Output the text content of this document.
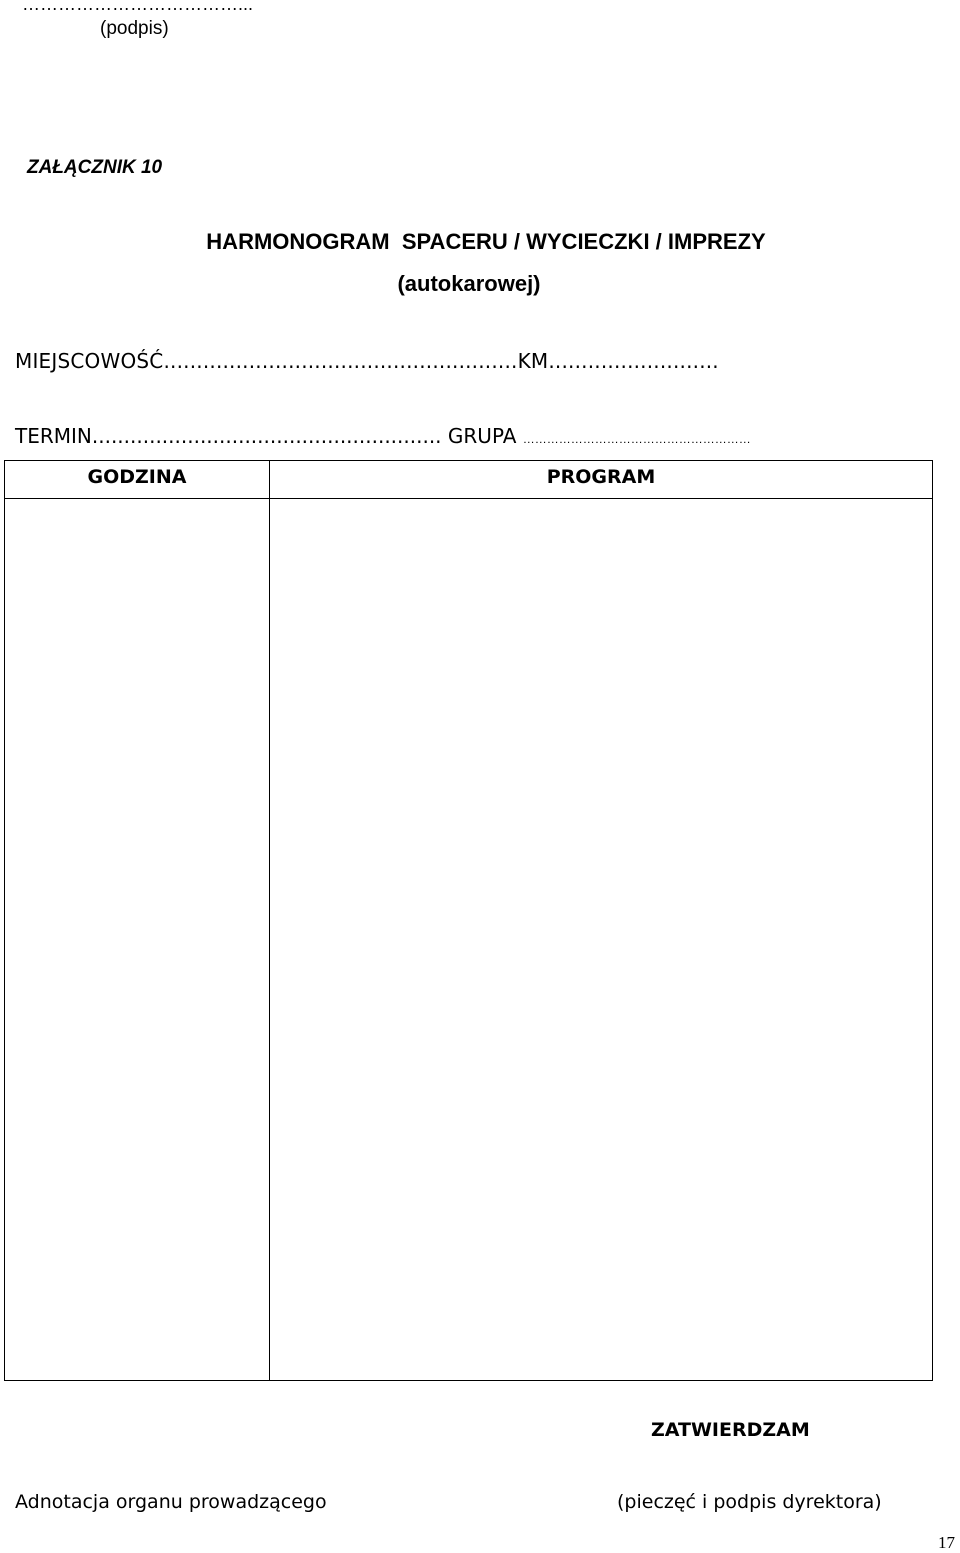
………………………………...
(podpis)
ZAŁĄCZNIK 10
HARMONOGRAM  SPACERU / WYCIECZKI / IMPREZY
(autokarowej)
MIEJSCOWOŚĆ......................................................KM..........................
TERMIN....................................................... GRUPA …………………………………………………
GODZINA	PROGRAM
ZATWIERDZAM
Adnotacja organu prowadzącego	(pieczęć i podpis dyrektora)
17
